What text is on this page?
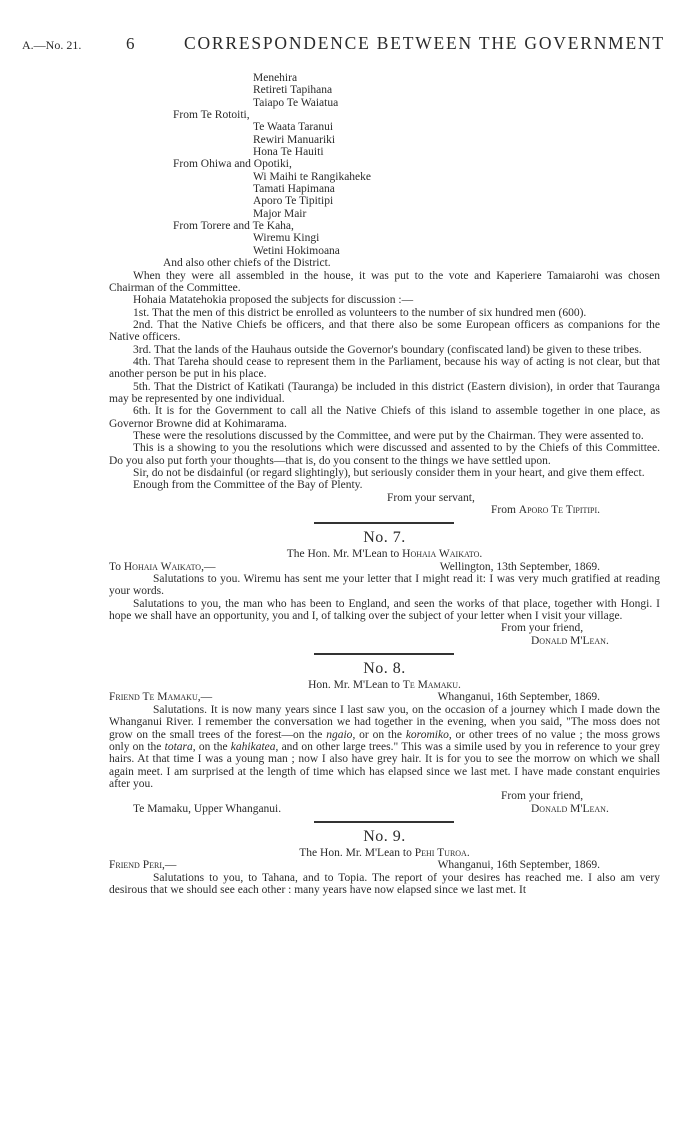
A.—No. 21.	6	CORRESPONDENCE BETWEEN THE GOVERNMENT
Menehira
Retireti Tapihana
Taiapo Te Waiatua
From Te Rotoiti,
Te Waata Taranui
Rewiri Manuariki
Hona Te Hauiti
From Ohiwa and Opotiki,
Wi Maihi te Rangikaheke
Tamati Hapimana
Aporo Te Tipitipi
Major Mair
From Torere and Te Kaha,
Wiremu Kingi
Wetini Hokimoana
And also other chiefs of the District.

When they were all assembled in the house, it was put to the vote and Kaperiere Tamaiarohi was chosen Chairman of the Committee.

Hohaia Matatehokia proposed the subjects for discussion :—

1st. That the men of this district be enrolled as volunteers to the number of six hundred men (600).

2nd. That the Native Chiefs be officers, and that there also be some European officers as companions for the Native officers.

3rd. That the lands of the Hauhaus outside the Governor's boundary (confiscated land) be given to these tribes.

4th. That Tareha should cease to represent them in the Parliament, because his way of acting is not clear, but that another person be put in his place.

5th. That the District of Katikati (Tauranga) be included in this district (Eastern division), in order that Tauranga may be represented by one individual.

6th. It is for the Government to call all the Native Chiefs of this island to assemble together in one place, as Governor Browne did at Kohimarama.

These were the resolutions discussed by the Committee, and were put by the Chairman. They were assented to.

This is a showing to you the resolutions which were discussed and assented to by the Chiefs of this Committee. Do you also put forth your thoughts—that is, do you consent to the things we have settled upon.

Sir, do not be disdainful (or regard slightingly), but seriously consider them in your heart, and give them effect.

Enough from the Committee of the Bay of Plenty.

From your servant,
From Aporo Te Tipitipi.
No. 7.
The Hon. Mr. M'Lean to Hohaia Waikato.
To Hohaia Waikato,—	Wellington, 13th September, 1869.

Salutations to you. Wiremu has sent me your letter that I might read it: I was very much gratified at reading your words.

Salutations to you, the man who has been to England, and seen the works of that place, together with Hongi. I hope we shall have an opportunity, you and I, of talking over the subject of your letter when I visit your village.

From your friend,
Donald M'Lean.
No. 8.
Hon. Mr. M'Lean to Te Mamaku.
Friend Te Mamaku,—	Whanganui, 16th September, 1869.

Salutations. It is now many years since I last saw you, on the occasion of a journey which I made down the Whanganui River. I remember the conversation we had together in the evening, when you said, "The moss does not grow on the small trees of the forest—on the ngaio, or on the koromiko, or other trees of no value ; the moss grows only on the totara, on the kahikatea, and on other large trees." This was a simile used by you in reference to your grey hairs. At that time I was a young man ; now I also have grey hair. It is for you to see the morrow on which we shall again meet. I am surprised at the length of time which has elapsed since we last met. I have made constant enquiries after you.

From your friend,
Te Mamaku, Upper Whanganui.	Donald M'Lean.
No. 9.
The Hon. Mr. M'Lean to Pehi Turoa.
Friend Peri,—	Whanganui, 16th September, 1869.

Salutations to you, to Tahana, and to Topia. The report of your desires has reached me. I also am very desirous that we should see each other : many years have now elapsed since we last met. It
